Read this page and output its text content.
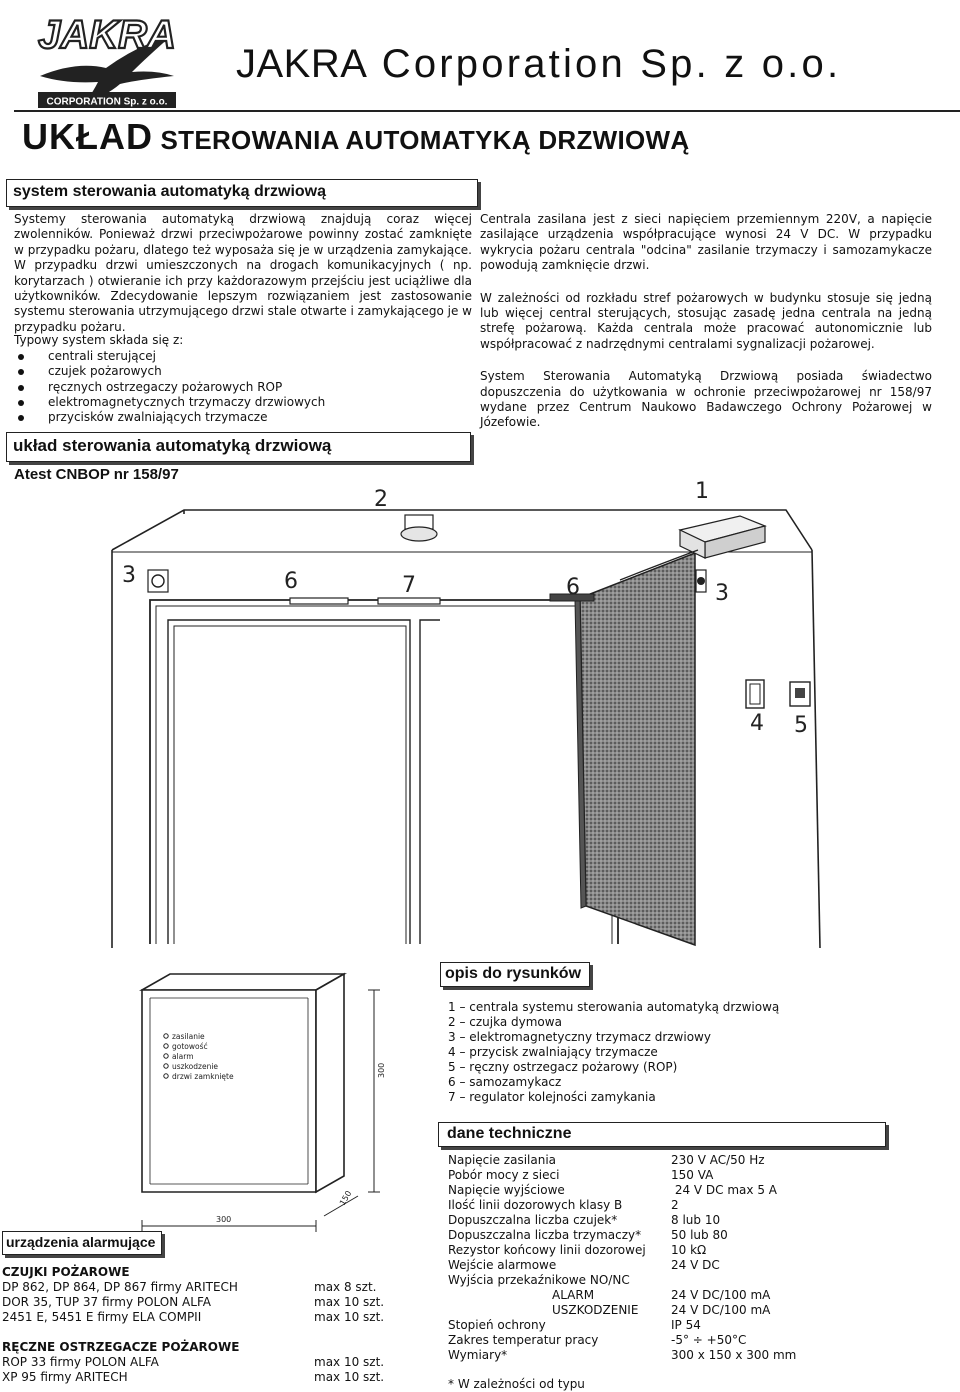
JAKRA
CORPORATION Sp. z o.o.
JAKRA Corporation Sp. z o.o.
UKŁAD STEROWANIA AUTOMATYKĄ DRZWIOWĄ
system sterowania automatyką drzwiową
Systemy sterowania automatyką drzwiową znajdują coraz więcej zwolenników. Ponieważ drzwi przeciwpożarowe powinny zostać zamknięte w przypadku pożaru, dlatego też wyposaża się je w urządzenia zamykające. W przypadku drzwi umieszczonych na drogach komunikacyjnych ( np. korytarzach ) otwieranie ich przy każdorazowym przejściu jest uciążliwe dla użytkowników. Zdecydowanie lepszym rozwiązaniem jest zastosowanie systemu sterowania utrzymującego drzwi stale otwarte i zamykającego je w przypadku pożaru.
Typowy system składa się z:
centrali sterującej
czujek pożarowych
ręcznych ostrzegaczy pożarowych ROP
elektromagnetycznych trzymaczy drzwiowych
przycisków zwalniających trzymacze

Centrala zasilana jest z sieci napięciem przemiennym 220V, a napięcie zasilające urządzenia współpracujące wynosi 24 V DC. W przypadku wykrycia pożaru centrala "odcina" zasilanie trzymaczy i samozamykacze powodują zamknięcie drzwi.

W zależności od rozkładu stref pożarowych w budynku stosuje się jedną lub więcej central sterujących, stosując zasadę jedna centrala na jedną strefę pożarową. Każda centrala może pracować autonomicznie lub współpracować z nadrzędnymi centralami sygnalizacji pożarowej.

System Sterowania Automatyką Drzwiową posiada świadectwo dopuszczenia do użytkowania w ochronie przeciwpożarowej nr 158/97 wydane przez Centrum Naukowo Badawczego Ochrony Pożarowej w Józefowie.

układ sterowania automatyką drzwiową
Atest CNBOP nr 158/97
1
2
3
3
4 5
6	6
7
zasilanie
gotowość
alarm
uszkodzenie
drzwi zamknięte	300
300
150
opis do rysunków
1 – centrala systemu sterowania automatyką drzwiową
2 – czujka dymowa
3 – elektromagnetyczny trzymacz drzwiowy
4 – przycisk zwalniający trzymacze
5 – ręczny ostrzegacz pożarowy (ROP)
6 – samozamykacz
7 – regulator kolejności zamykania
dane techniczne
Napięcie zasilania	230 V AC/50 Hz
Pobór mocy z sieci	150 VA
Napięcie wyjściowe	24 V DC max 5 A
Ilość linii dozorowych klasy B	2
Dopuszczalna liczba czujek*	8 lub 10
Dopuszczalna liczba trzymaczy* 50 lub 80
Rezystor końcowy linii dozorowej 10 kΩ
Wejście alarmowe	24 V DC
Wyjścia przekaźnikowe NO/NC
ALARM	24 V DC/100 mA
USZKODZENIE	24 V DC/100 mA
Stopień ochrony	IP 54
Zakres temperatur pracy	-5° ÷ +50°C
Wymiary*	300 x 150 x 300 mm
* W zależności od typu
urządzenia alarmujące
CZUJKI POŻAROWE
DP 862, DP 864, DP 867 firmy ARITECH	max 8 szt.
DOR 35, TUP 37 firmy POLON ALFA	max 10 szt.
2451 E, 5451 E firmy ELA COMPII	max 10 szt.
RĘCZNE OSTRZEGACZE POŻAROWE
ROP 33 firmy POLON ALFA	max 10 szt.
XP 95 firmy ARITECH	max 10 szt.
